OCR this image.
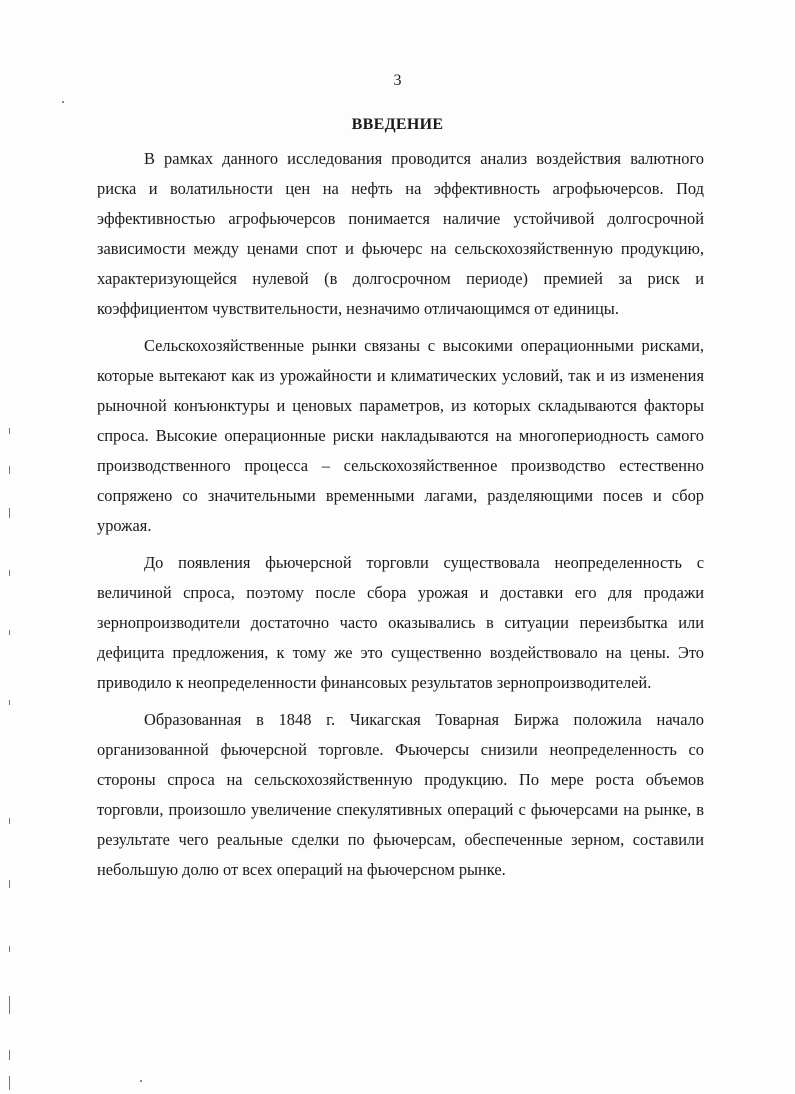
3
ВВЕДЕНИЕ

В рамках данного исследования проводится анализ воздействия валютного риска и волатильности цен на нефть на эффективность агрофьючерсов. Под эффективностью агрофьючерсов понимается наличие устойчивой долгосрочной зависимости между ценами спот и фьючерс на сельскохозяйственную продукцию, характеризующейся нулевой (в долгосрочном периоде) премией за риск и коэффициентом чувствительности, незначимо отличающимся от единицы.

Сельскохозяйственные рынки связаны с высокими операционными рисками, которые вытекают как из урожайности и климатических условий, так и из изменения рыночной конъюнктуры и ценовых параметров, из которых складываются факторы спроса. Высокие операционные риски накладываются на многопериодность самого производственного процесса – сельскохозяйственное производство естественно сопряжено со значительными временными лагами, разделяющими посев и сбор урожая.

До появления фьючерсной торговли существовала неопределенность с величиной спроса, поэтому после сбора урожая и доставки его для продажи зернопроизводители достаточно часто оказывались в ситуации переизбытка или дефицита предложения, к тому же это существенно воздействовало на цены. Это приводило к неопределенности финансовых результатов зернопроизводителей.

Образованная в 1848 г. Чикагская Товарная Биржа положила начало организованной фьючерсной торговле. Фьючерсы снизили неопределенность со стороны спроса на сельскохозяйственную продукцию. По мере роста объемов торговли, произошло увеличение спекулятивных операций с фьючерсами на рынке, в результате чего реальные сделки по фьючерсам, обеспеченные зерном, составили небольшую долю от всех операций на фьючерсном рынке.
